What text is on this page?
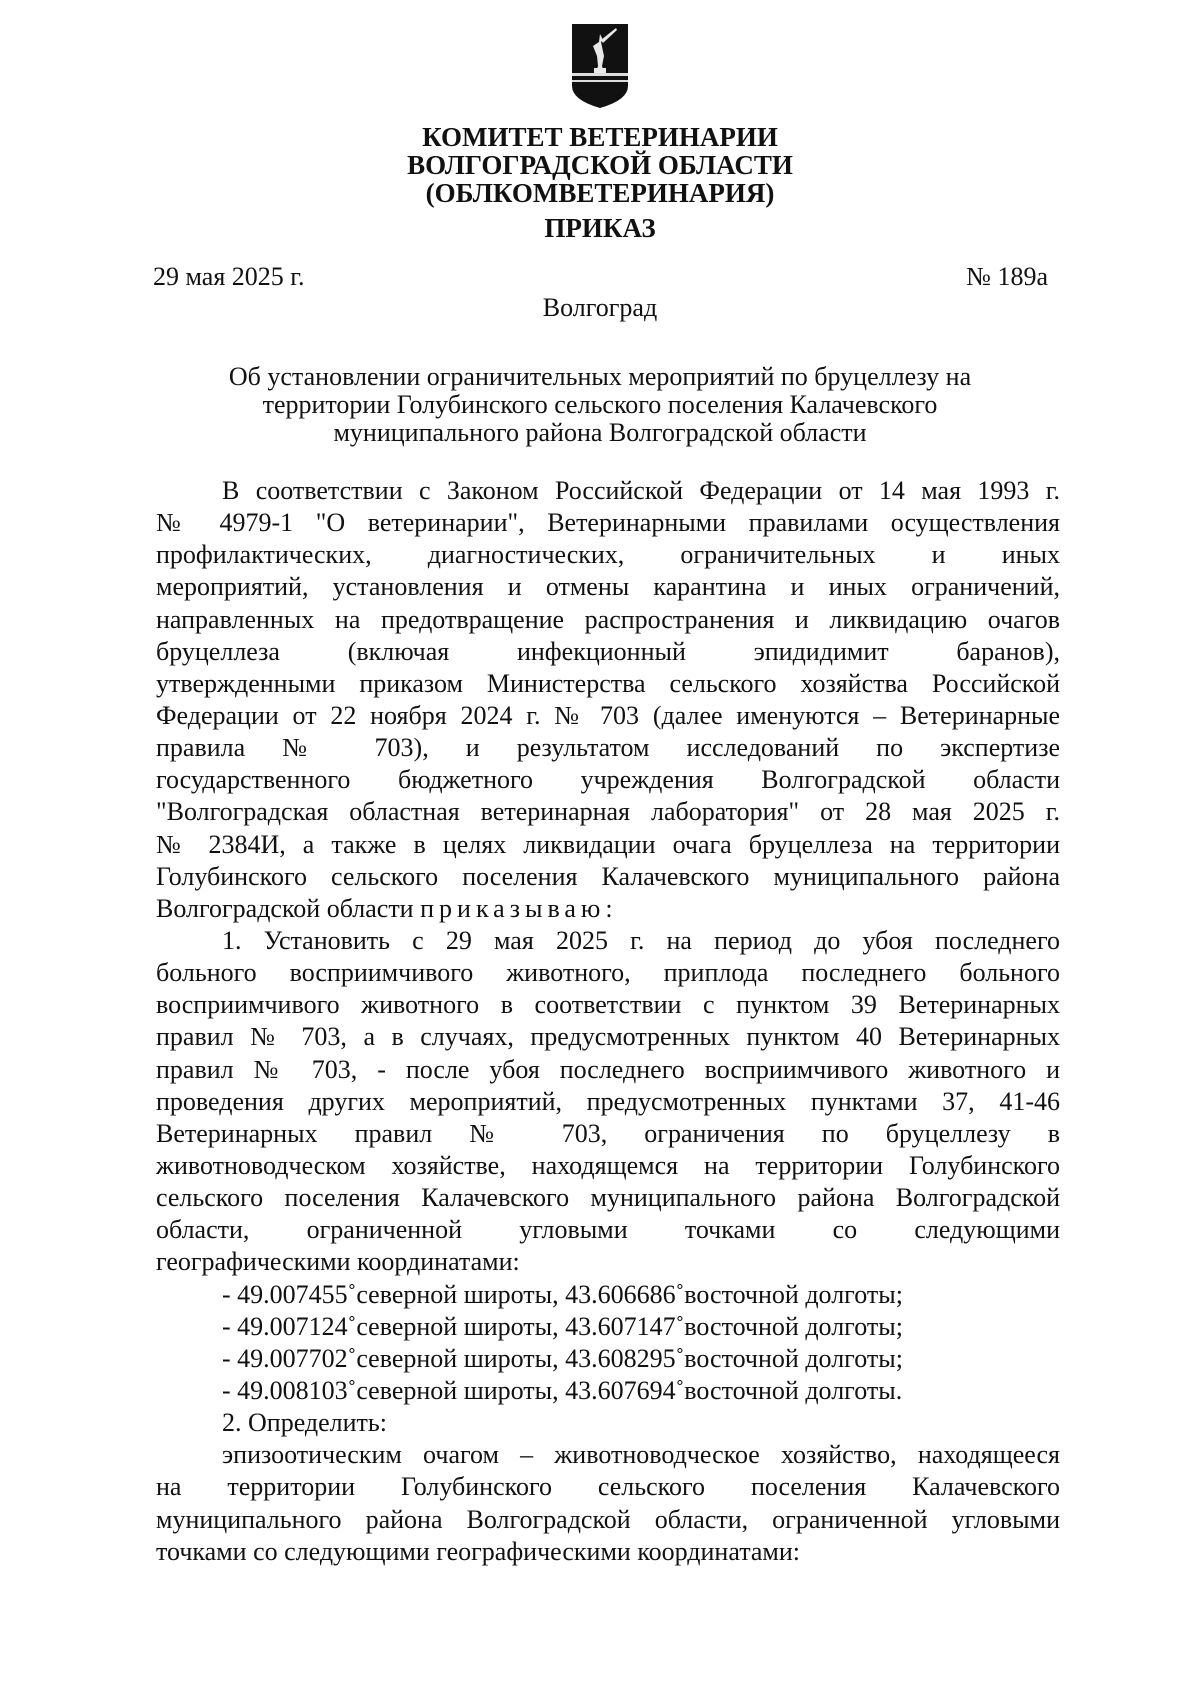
КОМИТЕТ ВЕТЕРИНАРИИ
ВОЛГОГРАДСКОЙ ОБЛАСТИ
(ОБЛКОМВЕТЕРИНАРИЯ)
ПРИКАЗ
29 мая 2025 г.	№ 189а
Волгоград
Об установлении ограничительных мероприятий по бруцеллезу на
территории Голубинского сельского поселения Калачевского
муниципального района Волгоградской области
В соответствии с Законом Российской Федерации от 14 мая 1993 г.
№ 4979-1 "О ветеринарии", Ветеринарными правилами осуществления
профилактических, диагностических, ограничительных и иных
мероприятий, установления и отмены карантина и иных ограничений,
направленных на предотвращение распространения и ликвидацию очагов
бруцеллеза (включая инфекционный эпидидимит баранов),
утвержденными приказом Министерства сельского хозяйства Российской
Федерации от 22 ноября 2024 г. № 703 (далее именуются – Ветеринарные
правила № 703), и результатом исследований по экспертизе
государственного бюджетного учреждения Волгоградской области
"Волгоградская областная ветеринарная лаборатория" от 28 мая 2025 г.
№ 2384И, а также в целях ликвидации очага бруцеллеза на территории
Голубинского сельского поселения Калачевского муниципального района
Волгоградской области приказываю:
1. Установить с 29 мая 2025 г. на период до убоя последнего
больного восприимчивого животного, приплода последнего больного
восприимчивого животного в соответствии с пунктом 39 Ветеринарных
правил № 703, а в случаях, предусмотренных пунктом 40 Ветеринарных
правил № 703, - после убоя последнего восприимчивого животного и
проведения других мероприятий, предусмотренных пунктами 37, 41-46
Ветеринарных правил № 703, ограничения по бруцеллезу в
животноводческом хозяйстве, находящемся на территории Голубинского
сельского поселения Калачевского муниципального района Волгоградской
области, ограниченной угловыми точками со следующими
географическими координатами:
- 49.007455˚северной широты, 43.606686˚восточной долготы;
- 49.007124˚северной широты, 43.607147˚восточной долготы;
- 49.007702˚северной широты, 43.608295˚восточной долготы;
- 49.008103˚северной широты, 43.607694˚восточной долготы.
2. Определить:
эпизоотическим очагом – животноводческое хозяйство, находящееся
на территории Голубинского сельского поселения Калачевского
муниципального района Волгоградской области, ограниченной угловыми
точками со следующими географическими координатами:
